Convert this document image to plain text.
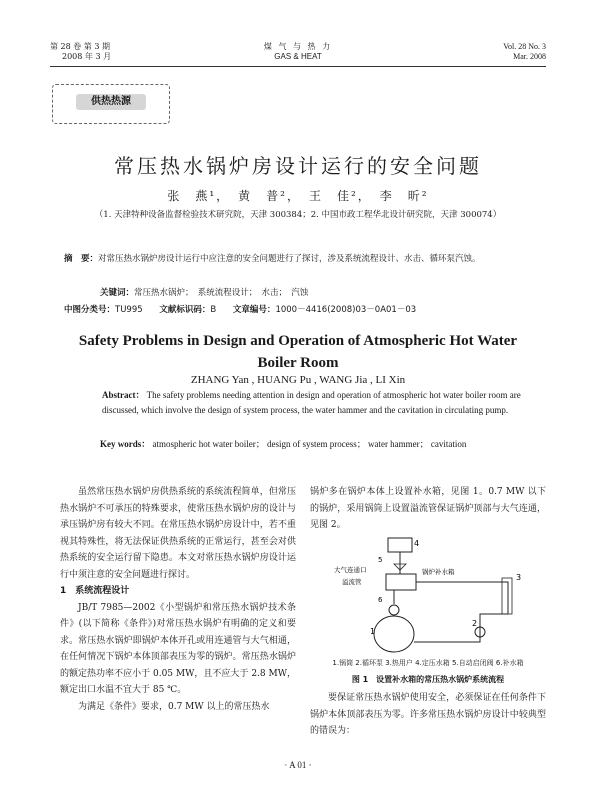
第 28 卷 第 3 期
2008 年 3 月
煤 气 与 热 力
GAS & HEAT
Vol. 28 No. 3
Mar. 2008
供热热源
常压热水锅炉房设计运行的安全问题
张　燕¹，　黄　普²，　王　佳²，　李　昕²
（1. 天津特种设备监督检验技术研究院，天津 300384；2. 中国市政工程华北设计研究院，天津 300074）
摘　要：对常压热水锅炉房设计运行中应注意的安全问题进行了探讨，涉及系统流程设计、水击、循环泵汽蚀。
关键词：常压热水锅炉；　系统流程设计；　水击；　汽蚀
中图分类号：TU995 文献标识码：B 文章编号：1000－4416(2008)03－0A01－03
Safety Problems in Design and Operation of Atmospheric Hot Water Boiler Room
ZHANG Yan , HUANG Pu , WANG Jia , LI Xin
Abstract： The safety problems needing attention in design and operation of atmospheric hot water boiler room are discussed, which involve the design of system process, the water hammer and the cavitation in circulating pump.
Key words： atmospheric hot water boiler； design of system process； water hammer； cavitation

虽然常压热水锅炉房供热系统的系统流程简单，但常压热水锅炉不可承压的特殊要求，使常压热水锅炉房的设计与承压锅炉房有较大不同。在常压热水锅炉房设计中，若不重视其特殊性，将无法保证供热系统的正常运行，甚至会对供热系统的安全运行留下隐患。本文对常压热水锅炉房设计运行中须注意的安全问题进行探讨。

1　系统流程设计

JB/T 7985—2002《小型锅炉和常压热水锅炉技术条件》(以下简称《条件》)对常压热水锅炉有明确的定义和要求。常压热水锅炉即锅炉本体开孔或用连通管与大气相通，在任何情况下锅炉本体顶部表压为零的锅炉。常压热水锅炉的额定热功率不应小于 0.05 MW，且不应大于 2.8 MW，额定出口水温不宜大于 85 ℃。

为满足《条件》要求，0.7 MW 以上的常压热水

锅炉多在锅炉本体上设置补水箱，见图 1。0.7 MW 以下的锅炉，采用锅筒上设置溢流管保证锅炉顶部与大气连通，见图 2。

4
5
大气连通口
溢流管
锅炉补水箱
6
1
3
2
1.锅筒 2.循环泵 3.热用户 4.定压水箱 5.自动启闭阀 6.补水箱
图 1　设置补水箱的常压热水锅炉系统流程

要保证常压热水锅炉使用安全，必须保证在任何条件下锅炉本体顶部表压为零。许多常压热水锅炉房设计中较典型的错误为：

· A 01 ·
